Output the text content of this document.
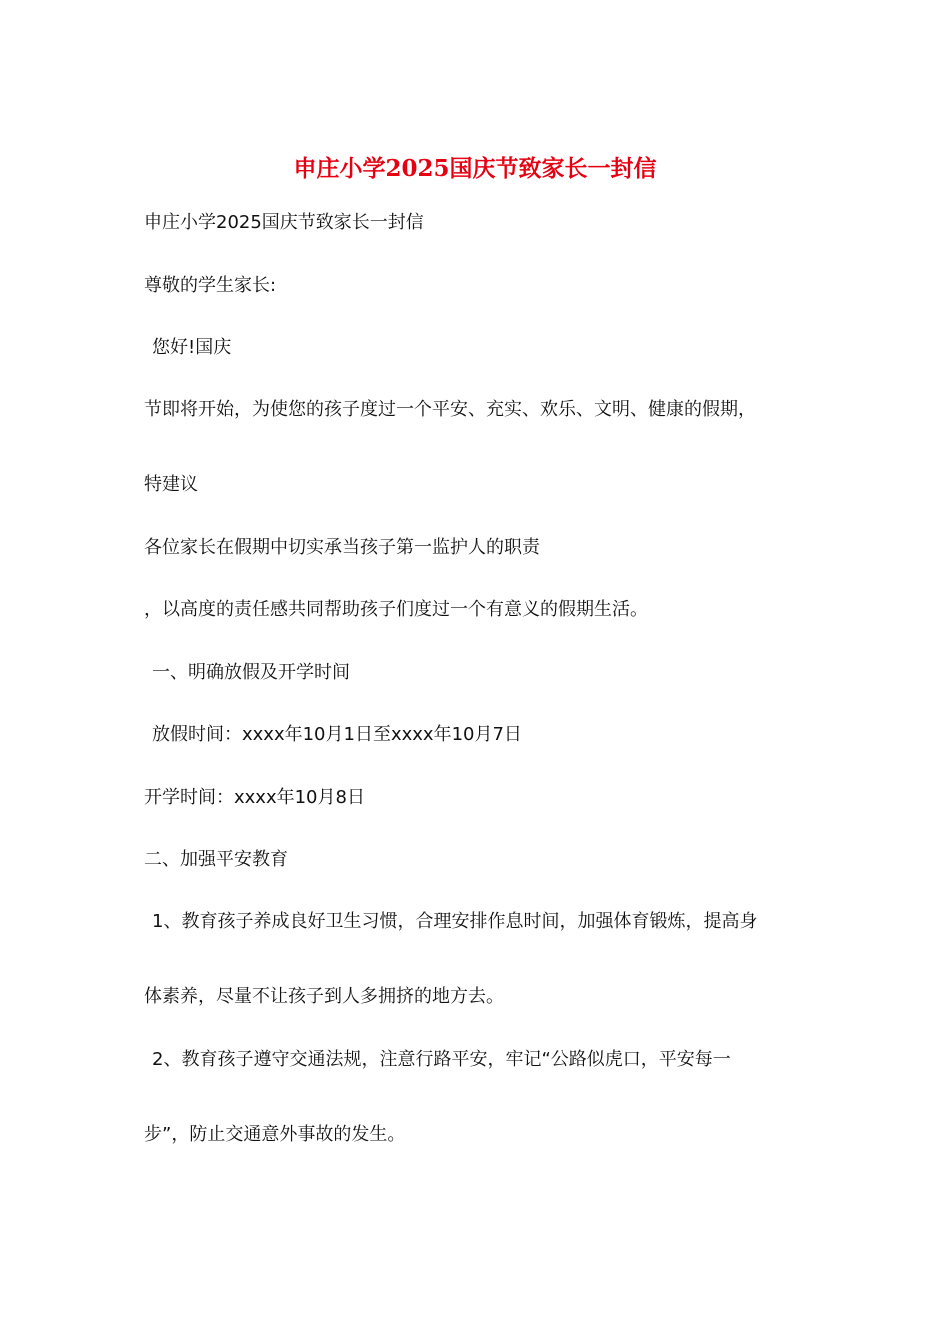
申庄小学2025国庆节致家长一封信

申庄小学2025国庆节致家长一封信

尊敬的学生家长:

您好!国庆

节即将开始，为使您的孩子度过一个平安、充实、欢乐、文明、健康的假期，

特建议

各位家长在假期中切实承当孩子第一监护人的职责

，以高度的责任感共同帮助孩子们度过一个有意义的假期生活。

一、明确放假及开学时间

放假时间：xxxx年10月1日至xxxx年10月7日

开学时间：xxxx年10月8日

二、加强平安教育

1、教育孩子养成良好卫生习惯，合理安排作息时间，加强体育锻炼，提高身

体素养，尽量不让孩子到人多拥挤的地方去。

2、教育孩子遵守交通法规，注意行路平安，牢记“公路似虎口，平安每一

步”，防止交通意外事故的发生。
